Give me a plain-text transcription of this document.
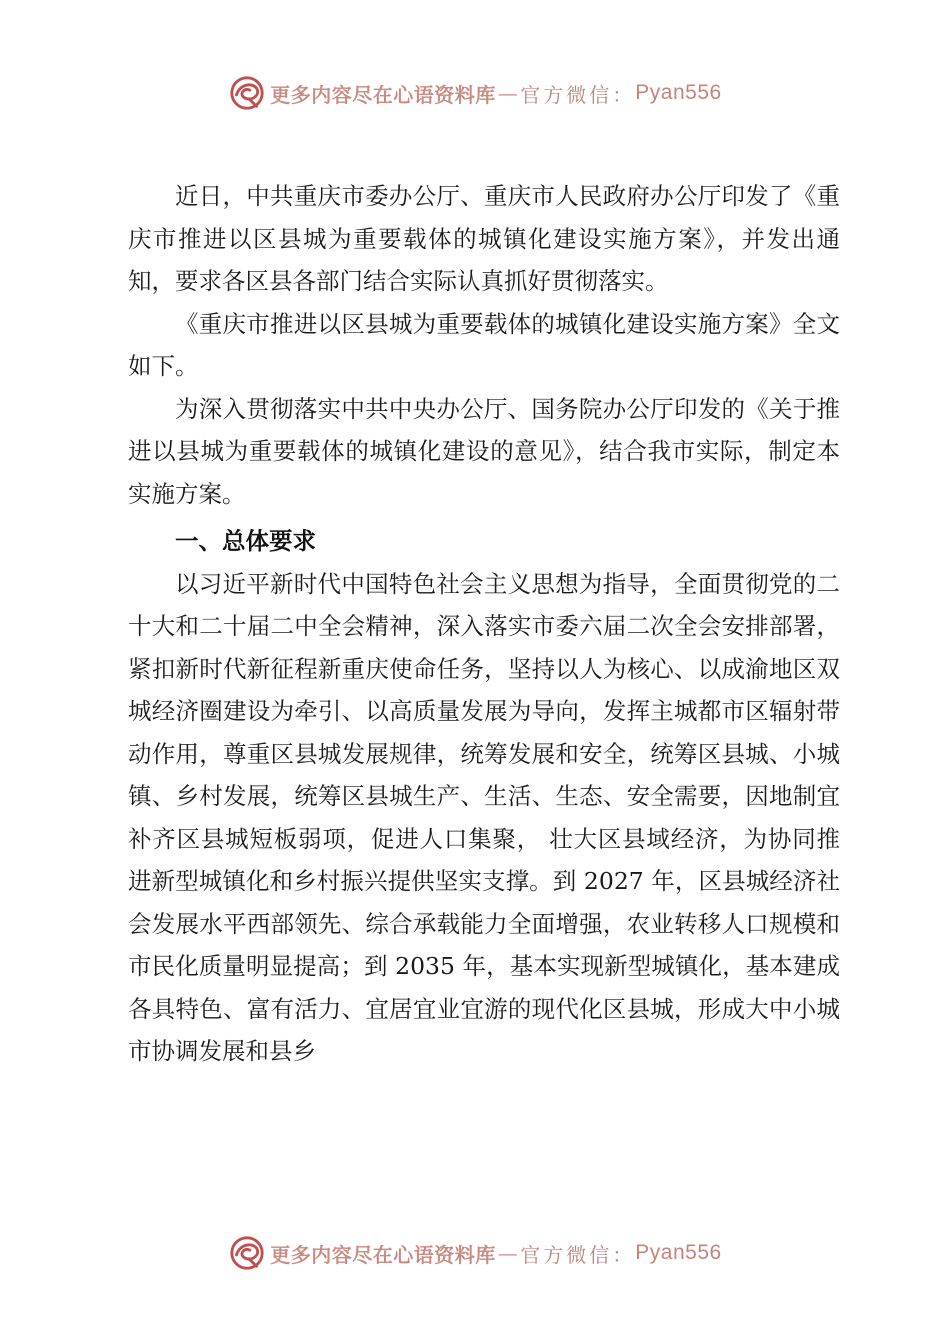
更多内容尽在心语资料库 — 官方微信： Pyan556

近日，中共重庆市委办公厅、重庆市人民政府办公厅印发了《重庆市推进以区县城为重要载体的城镇化建设实施方案》，并发出通知，要求各区县各部门结合实际认真抓好贯彻落实。

《重庆市推进以区县城为重要载体的城镇化建设实施方案》全文如下。

为深入贯彻落实中共中央办公厅、国务院办公厅印发的《关于推进以县城为重要载体的城镇化建设的意见》，结合我市实际，制定本实施方案。

一、总体要求

以习近平新时代中国特色社会主义思想为指导，全面贯彻党的二十大和二十届二中全会精神，深入落实市委六届二次全会安排部署，紧扣新时代新征程新重庆使命任务，坚持以人为核心、以成渝地区双城经济圈建设为牵引、以高质量发展为导向，发挥主城都市区辐射带动作用，尊重区县城发展规律，统筹发展和安全，统筹区县城、小城镇、乡村发展，统筹区县城生产、生活、生态、安全需要，因地制宜补齐区县城短板弱项，促进人口集聚， 壮大区县域经济，为协同推进新型城镇化和乡村振兴提供坚实支撑。到 2027 年，区县城经济社会发展水平西部领先、综合承载能力全面增强，农业转移人口规模和市民化质量明显提高；到 2035 年，基本实现新型城镇化，基本建成各具特色、富有活力、宜居宜业宜游的现代化区县城，形成大中小城市协调发展和县乡

更多内容尽在心语资料库 — 官方微信： Pyan556
